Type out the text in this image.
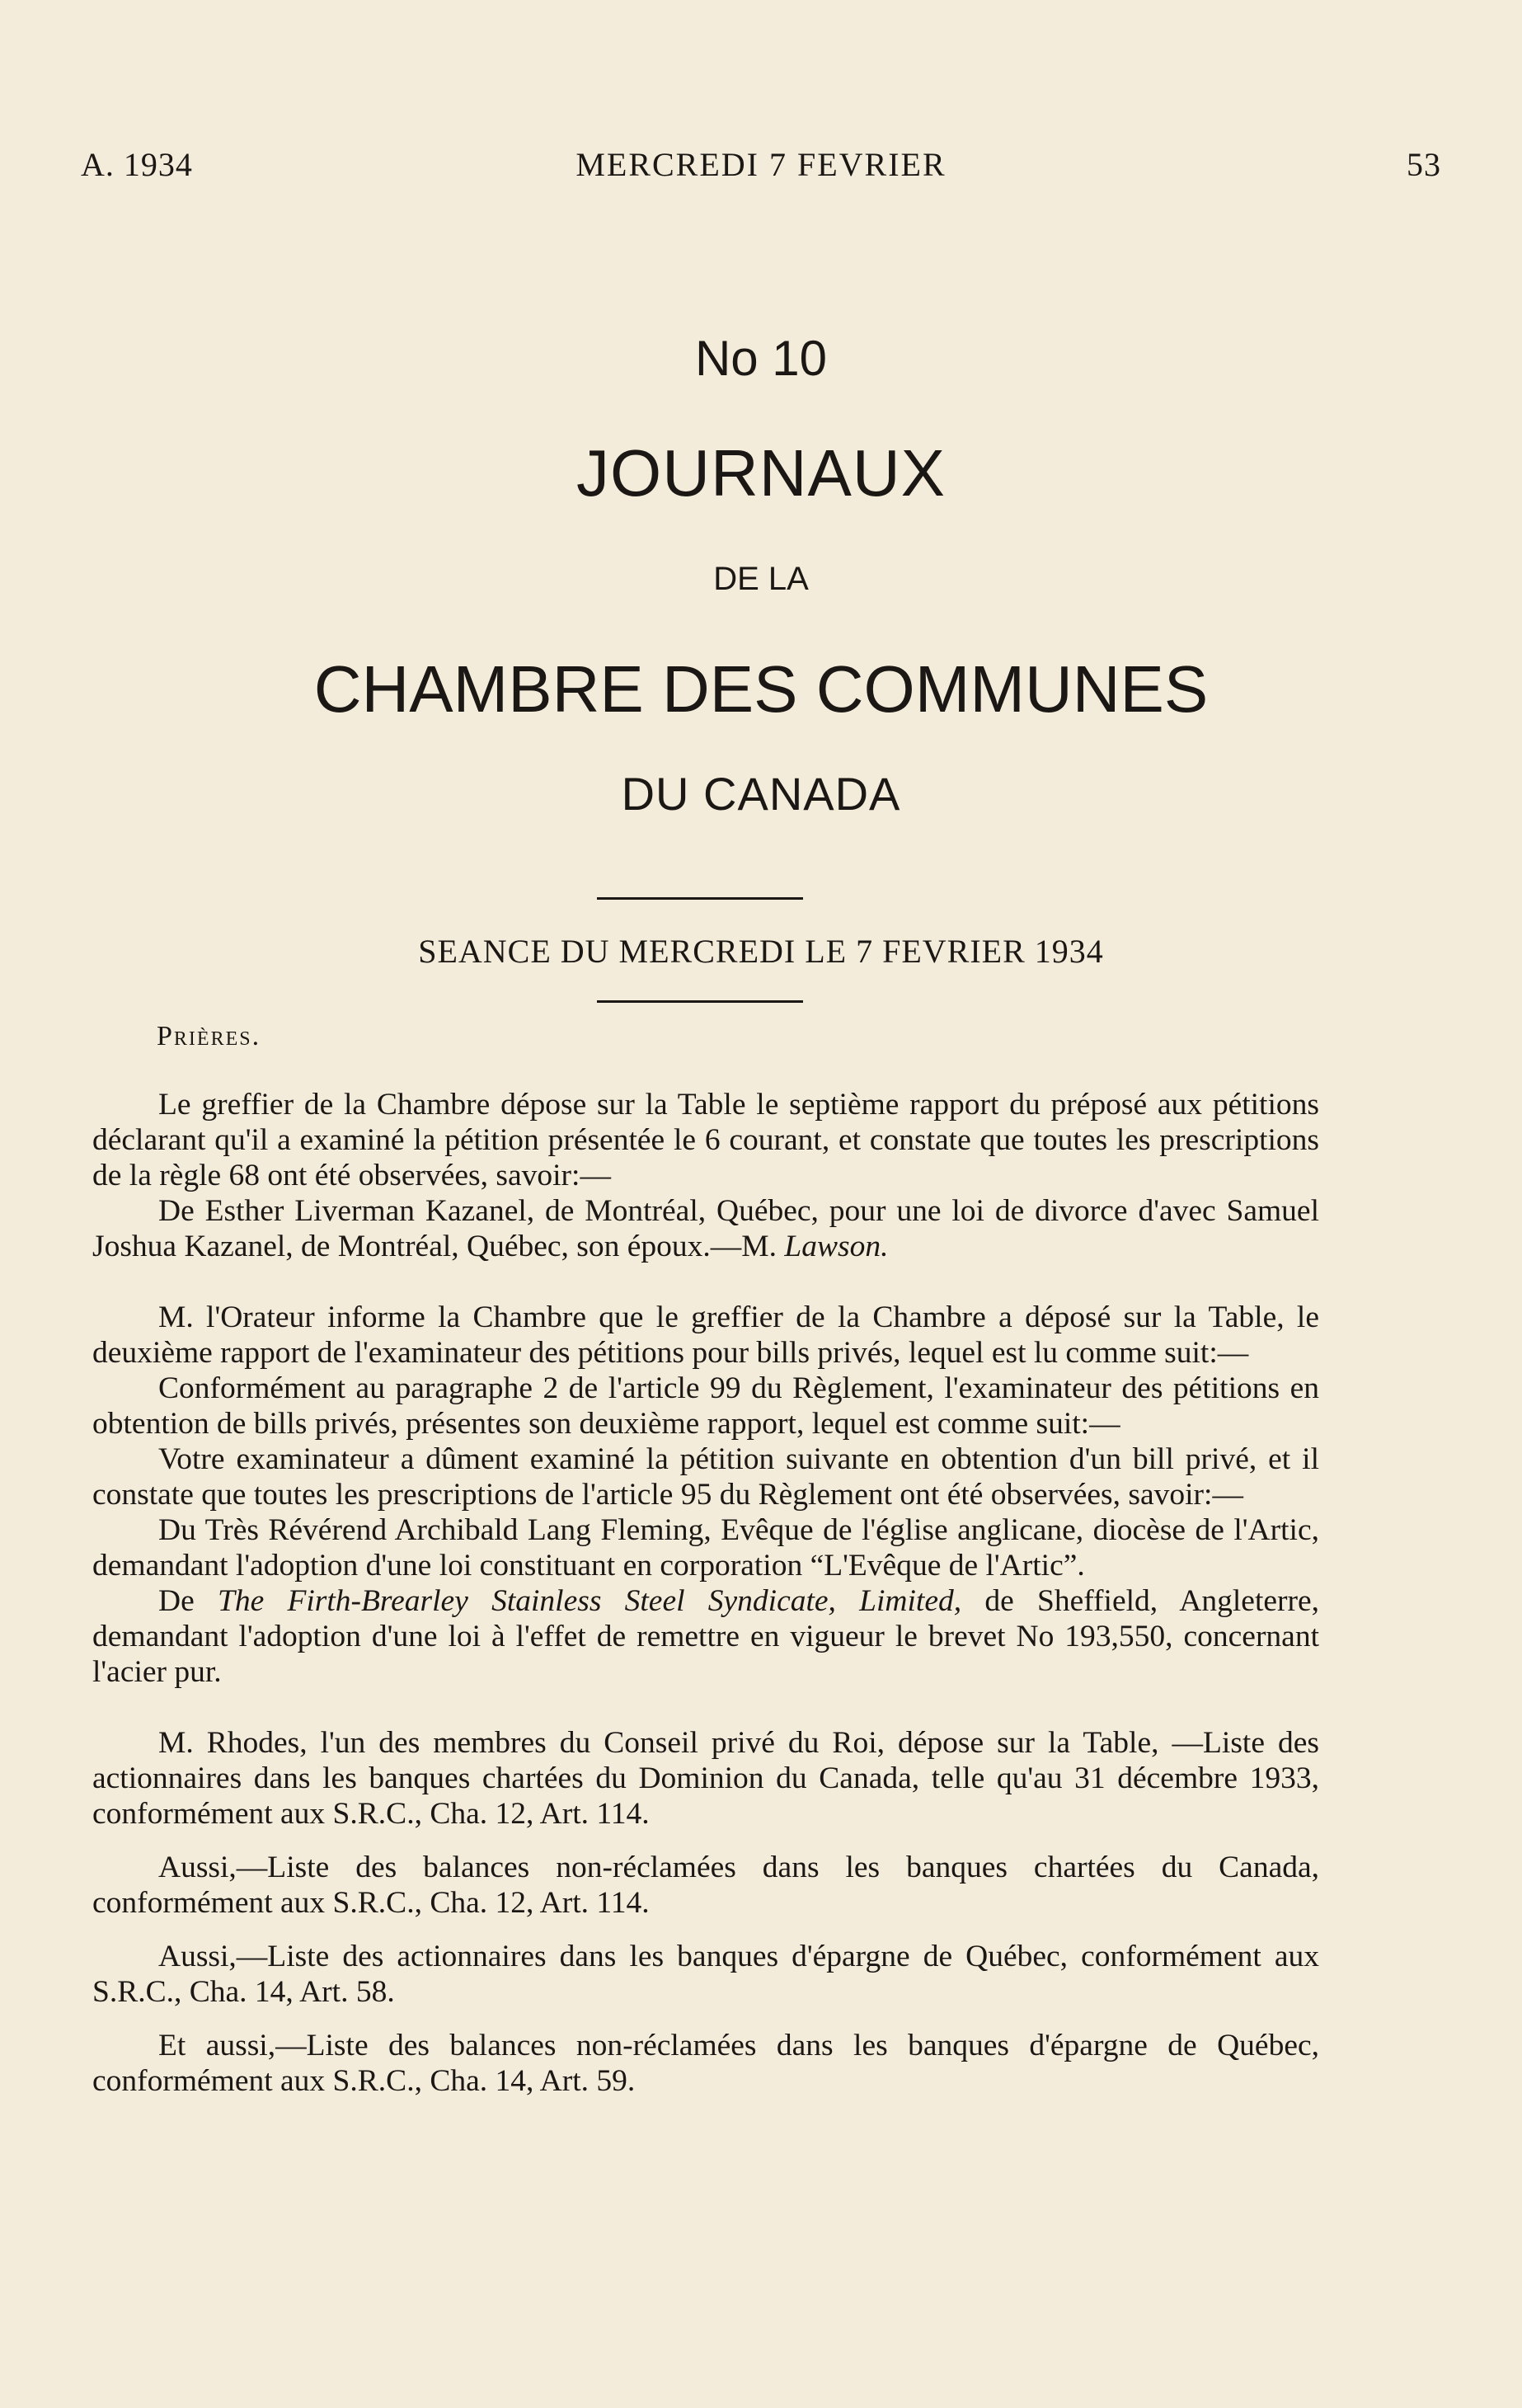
A. 1934	MERCREDI 7 FEVRIER	53
No 10
JOURNAUX
DE LA
CHAMBRE DES COMMUNES
DU CANADA
SEANCE DU MERCREDI LE 7 FEVRIER 1934
Prières.

Le greffier de la Chambre dépose sur la Table le septième rapport du préposé aux pétitions déclarant qu'il a examiné la pétition présentée le 6 courant, et constate que toutes les prescriptions de la règle 68 ont été observées, savoir:—

De Esther Liverman Kazanel, de Montréal, Québec, pour une loi de divorce d'avec Samuel Joshua Kazanel, de Montréal, Québec, son époux.—M. Lawson.

M. l'Orateur informe la Chambre que le greffier de la Chambre a déposé sur la Table, le deuxième rapport de l'examinateur des pétitions pour bills privés, lequel est lu comme suit:—

Conformément au paragraphe 2 de l'article 99 du Règlement, l'examinateur des pétitions en obtention de bills privés, présentes son deuxième rapport, lequel est comme suit:—

Votre examinateur a dûment examiné la pétition suivante en obtention d'un bill privé, et il constate que toutes les prescriptions de l'article 95 du Règlement ont été observées, savoir:—

Du Très Révérend Archibald Lang Fleming, Evêque de l'église anglicane, diocèse de l'Artic, demandant l'adoption d'une loi constituant en corporation “L'Evêque de l'Artic”.

De The Firth-Brearley Stainless Steel Syndicate, Limited, de Sheffield, Angleterre, demandant l'adoption d'une loi à l'effet de remettre en vigueur le brevet No 193,550, concernant l'acier pur.

M. Rhodes, l'un des membres du Conseil privé du Roi, dépose sur la Table, —Liste des actionnaires dans les banques chartées du Dominion du Canada, telle qu'au 31 décembre 1933, conformément aux S.R.C., Cha. 12, Art. 114.

Aussi,—Liste des balances non-réclamées dans les banques chartées du Canada, conformément aux S.R.C., Cha. 12, Art. 114.

Aussi,—Liste des actionnaires dans les banques d'épargne de Québec, conformément aux S.R.C., Cha. 14, Art. 58.

Et aussi,—Liste des balances non-réclamées dans les banques d'épargne de Québec, conformément aux S.R.C., Cha. 14, Art. 59.
